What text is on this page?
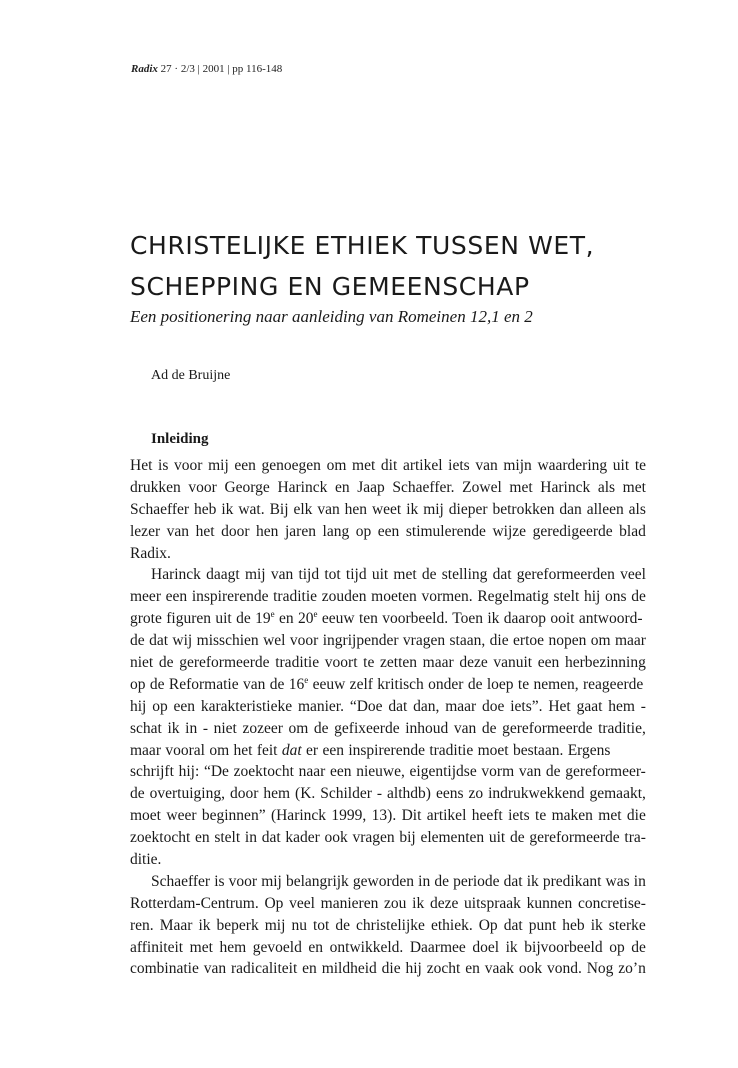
Radix 27 · 2/3 | 2001 | pp 116-148
CHRISTELIJKE ETHIEK TUSSEN WET,
SCHEPPING EN GEMEENSCHAP
Een positionering naar aanleiding van Romeinen 12,1 en 2
Ad de Bruijne
Inleiding
Het is voor mij een genoegen om met dit artikel iets van mijn waardering uit te
drukken voor George Harinck en Jaap Schaeffer. Zowel met Harinck als met
Schaeffer heb ik wat. Bij elk van hen weet ik mij dieper betrokken dan alleen als
lezer van het door hen jaren lang op een stimulerende wijze geredigeerde blad
Radix.
Harinck daagt mij van tijd tot tijd uit met de stelling dat gereformeerden veel
meer een inspirerende traditie zouden moeten vormen. Regelmatig stelt hij ons de
grote figuren uit de 19e en 20e eeuw ten voorbeeld. Toen ik daarop ooit antwoord-
de dat wij misschien wel voor ingrijpender vragen staan, die ertoe nopen om maar
niet de gereformeerde traditie voort te zetten maar deze vanuit een herbezinning
op de Reformatie van de 16e eeuw zelf kritisch onder de loep te nemen, reageerde
hij op een karakteristieke manier. “Doe dat dan, maar doe iets”. Het gaat hem -
schat ik in - niet zozeer om de gefixeerde inhoud van de gereformeerde traditie,
maar vooral om het feit dat er een inspirerende traditie moet bestaan. Ergens
schrijft hij: “De zoektocht naar een nieuwe, eigentijdse vorm van de gereformeer-
de overtuiging, door hem (K. Schilder - althdb) eens zo indrukwekkend gemaakt,
moet weer beginnen” (Harinck 1999, 13). Dit artikel heeft iets te maken met die
zoektocht en stelt in dat kader ook vragen bij elementen uit de gereformeerde tra-
ditie.
Schaeffer is voor mij belangrijk geworden in de periode dat ik predikant was in
Rotterdam-Centrum. Op veel manieren zou ik deze uitspraak kunnen concretise-
ren. Maar ik beperk mij nu tot de christelijke ethiek. Op dat punt heb ik sterke
affiniteit met hem gevoeld en ontwikkeld. Daarmee doel ik bijvoorbeeld op de
combinatie van radicaliteit en mildheid die hij zocht en vaak ook vond. Nog zo’n
